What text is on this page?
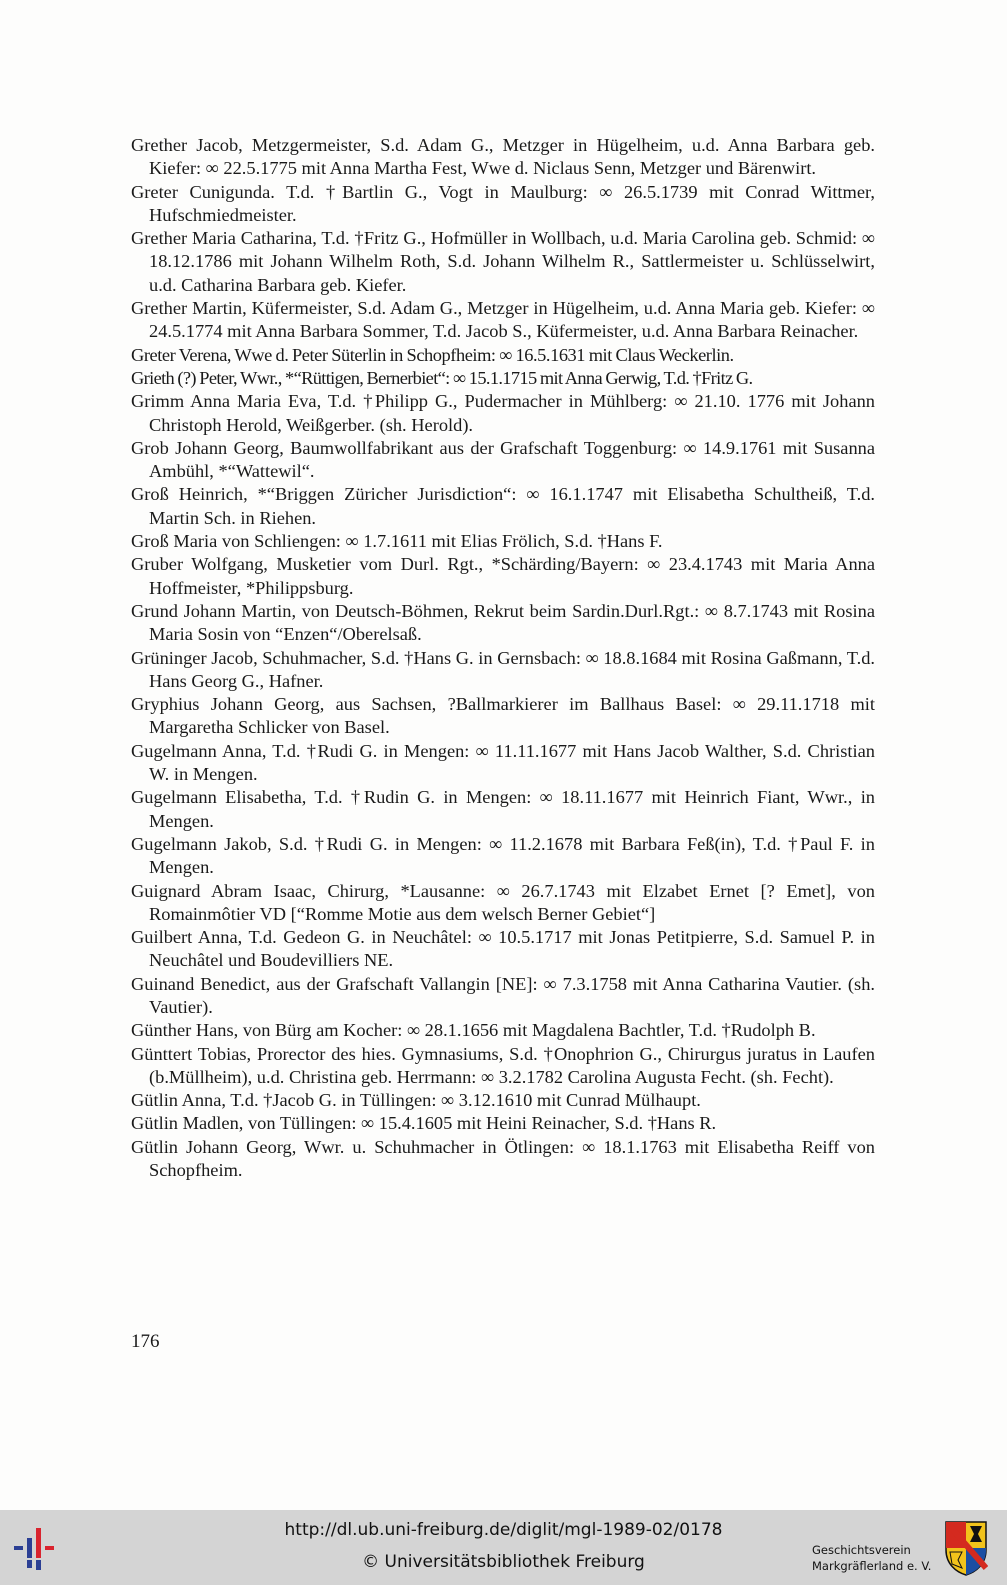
Grether Jacob, Metzgermeister, S.d. Adam G., Metzger in Hügelheim, u.d. Anna Barbara geb. Kiefer: ∞ 22.5.1775 mit Anna Martha Fest, Wwe d. Niclaus Senn, Metzger und Bärenwirt.
Greter Cunigunda. T.d. †Bartlin G., Vogt in Maulburg: ∞ 26.5.1739 mit Conrad Wittmer, Hufschmiedmeister.
Grether Maria Catharina, T.d. †Fritz G., Hofmüller in Wollbach, u.d. Maria Carolina geb. Schmid: ∞ 18.12.1786 mit Johann Wilhelm Roth, S.d. Johann Wilhelm R., Sattlermeister u. Schlüsselwirt, u.d. Catharina Barbara geb. Kiefer.
Grether Martin, Küfermeister, S.d. Adam G., Metzger in Hügelheim, u.d. Anna Maria geb. Kiefer: ∞ 24.5.1774 mit Anna Barbara Sommer, T.d. Jacob S., Küfermeister, u.d. Anna Barbara Reinacher.
Greter Verena, Wwe d. Peter Süterlin in Schopfheim: ∞ 16.5.1631 mit Claus Weckerlin.
Grieth (?) Peter, Wwr., *“Rüttigen, Bernerbiet“: ∞ 15.1.1715 mit Anna Gerwig, T.d. †Fritz G.
Grimm Anna Maria Eva, T.d. †Philipp G., Pudermacher in Mühlberg: ∞ 21.10. 1776 mit Johann Christoph Herold, Weißgerber. (sh. Herold).
Grob Johann Georg, Baumwollfabrikant aus der Grafschaft Toggenburg: ∞ 14.9.1761 mit Susanna Ambühl, *“Wattewil“.
Groß Heinrich, *“Briggen Züricher Jurisdiction“: ∞ 16.1.1747 mit Elisabetha Schultheiß, T.d. Martin Sch. in Riehen.
Groß Maria von Schliengen: ∞ 1.7.1611 mit Elias Frölich, S.d. †Hans F.
Gruber Wolfgang, Musketier vom Durl. Rgt., *Schärding/Bayern: ∞ 23.4.1743 mit Maria Anna Hoffmeister, *Philippsburg.
Grund Johann Martin, von Deutsch-Böhmen, Rekrut beim Sardin.Durl.Rgt.: ∞ 8.7.1743 mit Rosina Maria Sosin von “Enzen“/Oberelsaß.
Grüninger Jacob, Schuhmacher, S.d. †Hans G. in Gernsbach: ∞ 18.8.1684 mit Rosina Gaßmann, T.d. Hans Georg G., Hafner.
Gryphius Johann Georg, aus Sachsen, ?Ballmarkierer im Ballhaus Basel: ∞ 29.11.1718 mit Margaretha Schlicker von Basel.
Gugelmann Anna, T.d. †Rudi G. in Mengen: ∞ 11.11.1677 mit Hans Jacob Walther, S.d. Christian W. in Mengen.
Gugelmann Elisabetha, T.d. †Rudin G. in Mengen: ∞ 18.11.1677 mit Heinrich Fiant, Wwr., in Mengen.
Gugelmann Jakob, S.d. †Rudi G. in Mengen: ∞ 11.2.1678 mit Barbara Feß(in), T.d. †Paul F. in Mengen.
Guignard Abram Isaac, Chirurg, *Lausanne: ∞ 26.7.1743 mit Elzabet Ernet [? Emet], von Romainmôtier VD [“Romme Motie aus dem welsch Berner Gebiet“]
Guilbert Anna, T.d. Gedeon G. in Neuchâtel: ∞ 10.5.1717 mit Jonas Petitpierre, S.d. Samuel P. in Neuchâtel und Boudevilliers NE.
Guinand Benedict, aus der Grafschaft Vallangin [NE]: ∞ 7.3.1758 mit Anna Catharina Vautier. (sh. Vautier).
Günther Hans, von Bürg am Kocher: ∞ 28.1.1656 mit Magdalena Bachtler, T.d. †Rudolph B.
Günttert Tobias, Prorector des hies. Gymnasiums, S.d. †Onophrion G., Chirurgus juratus in Laufen (b.Müllheim), u.d. Christina geb. Herrmann: ∞ 3.2.1782 Carolina Augusta Fecht. (sh. Fecht).
Gütlin Anna, T.d. †Jacob G. in Tüllingen: ∞ 3.12.1610 mit Cunrad Mülhaupt.
Gütlin Madlen, von Tüllingen: ∞ 15.4.1605 mit Heini Reinacher, S.d. †Hans R.
Gütlin Johann Georg, Wwr. u. Schuhmacher in Ötlingen: ∞ 18.1.1763 mit Elisabetha Reiff von Schopfheim.
176
http://dl.ub.uni-freiburg.de/diglit/mgl-1989-02/0178
© Universitätsbibliothek Freiburg
Geschichtsverein
Markgräflerland e. V.
